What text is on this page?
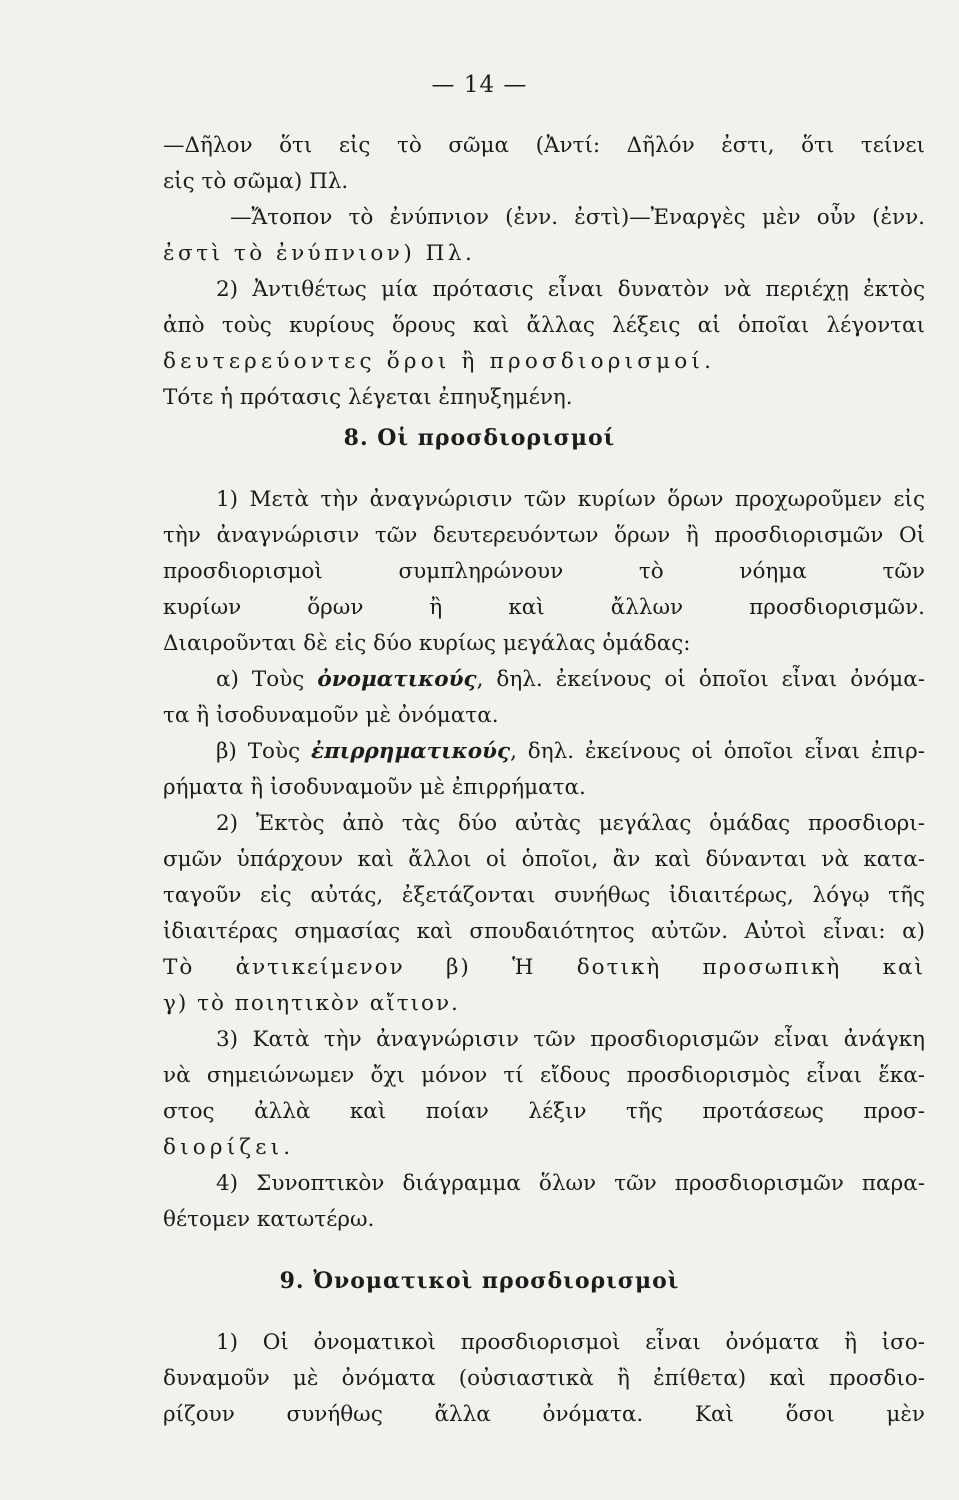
— 14 —
—Δῆλον ὅτι εἰς τὸ σῶμα (Ἀντί: Δῆλόν ἐστι, ὅτι τείνει
εἰς τὸ σῶμα) Πλ.
—Ἄτοπον τὸ ἐνύπνιον (ἐνν. ἐστὶ)—Ἐναργὲς μὲν οὖν (ἐνν.
ἐστὶ τὸ ἐνύπνιον) Πλ.
2) Ἀντιθέτως μία πρότασις εἶναι δυνατὸν νὰ περιέχῃ ἐκτὸς
ἀπὸ τοὺς κυρίους ὅρους καὶ ἄλλας λέξεις αἱ ὁποῖαι λέγονται
δευτερεύοντες ὅροι ἢ προσδιορισμοί.
Τότε ἡ πρότασις λέγεται ἐπηυξημένη.
8. Οἱ προσδιορισμοί
1) Μετὰ τὴν ἀναγνώρισιν τῶν κυρίων ὅρων προχωροῦμεν εἰς
τὴν ἀναγνώρισιν τῶν δευτερευόντων ὅρων ἢ προσδιορισμῶν Οἱ
προσδιορισμοὶ συμπληρώνουν τὸ νόημα τῶν
κυρίων ὅρων ἢ καὶ ἄλλων προσδιορισμῶν.
Διαιροῦνται δὲ εἰς δύο κυρίως μεγάλας ὁμάδας:
α) Τοὺς ὀνοματικούς, δηλ. ἐκείνους οἱ ὁποῖοι εἶναι ὀνόμα-
τα ἢ ἰσοδυναμοῦν μὲ ὀνόματα.
β) Τοὺς ἐπιρρηματικούς, δηλ. ἐκείνους οἱ ὁποῖοι εἶναι ἐπιρ-
ρήματα ἢ ἰσοδυναμοῦν μὲ ἐπιρρήματα.
2) Ἐκτὸς ἀπὸ τὰς δύο αὐτὰς μεγάλας ὁμάδας προσδιορι-
σμῶν ὑπάρχουν καὶ ἄλλοι οἱ ὁποῖοι, ἂν καὶ δύνανται νὰ κατα-
ταγοῦν εἰς αὐτάς, ἐξετάζονται συνήθως ἰδιαιτέρως, λόγῳ τῆς
ἰδιαιτέρας σημασίας καὶ σπουδαιότητος αὐτῶν. Αὐτοὶ εἶναι: α)
Τὸ ἀντικείμενον β) Ἡ δοτικὴ προσωπικὴ καὶ
γ) τὸ ποιητικὸν αἴτιον.
3) Κατὰ τὴν ἀναγνώρισιν τῶν προσδιορισμῶν εἶναι ἀνάγκη
νὰ σημειώνωμεν ὄχι μόνον τί εἴδους προσδιορισμὸς εἶναι ἕκα-
στος ἀλλὰ καὶ ποίαν λέξιν τῆς προτάσεως προσ-
διορίζει.
4) Συνοπτικὸν διάγραμμα ὅλων τῶν προσδιορισμῶν παρα-
θέτομεν κατωτέρω.
9. Ὀνοματικοὶ προσδιορισμοὶ
1) Οἱ ὀνοματικοὶ προσδιορισμοὶ εἶναι ὀνόματα ἢ ἰσο-
δυναμοῦν μὲ ὀνόματα (οὐσιαστικὰ ἢ ἐπίθετα) καὶ προσδιο-
ρίζουν συνήθως ἄλλα ὀνόματα. Καὶ ὅσοι μὲν
